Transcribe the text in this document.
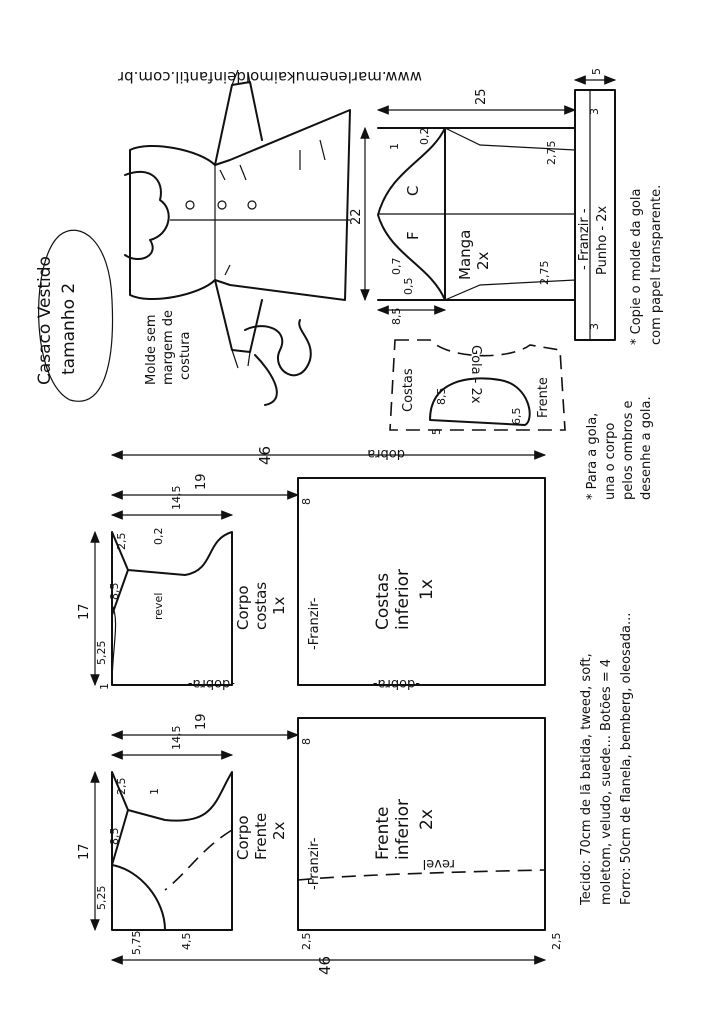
www.marlenemukaimoldeinfantil.com.br
Casaco Vestido tamanho 2
Marlene
Molde sem margem de costura
Manga 2x
F
C
22
25
8,5
1
0,2
2,75
2,75
0,7
0,5
- Franzir - Punho - 2x
5
3
3 * Copie o molde da gola com papel transparente.
Gola - 2x
Costas	Frente
dobra
8,5
6,5
5	* Para a gola, una o corpo pelos ombros e desenhe a gola.
46
Corpo costas 1x
-dobra-
revel
14,5
19
2,5 0,2
8,5
17
5,25
1
-Franzir-	Costas inferior 1x
-dobra-
8
Corpo Frente 2x
14,5
19
2,5 1
8,5
17
5,25
5,75	4,5
-Franzir-
Frente inferior 2x
revel
8
2,5	2,5
46
Tecido: 70cm de lã batida, tweed, soft, moletom, veludo, suede... Botões = 4 Forro: 50cm de flanela, bemberg, oleosada...
